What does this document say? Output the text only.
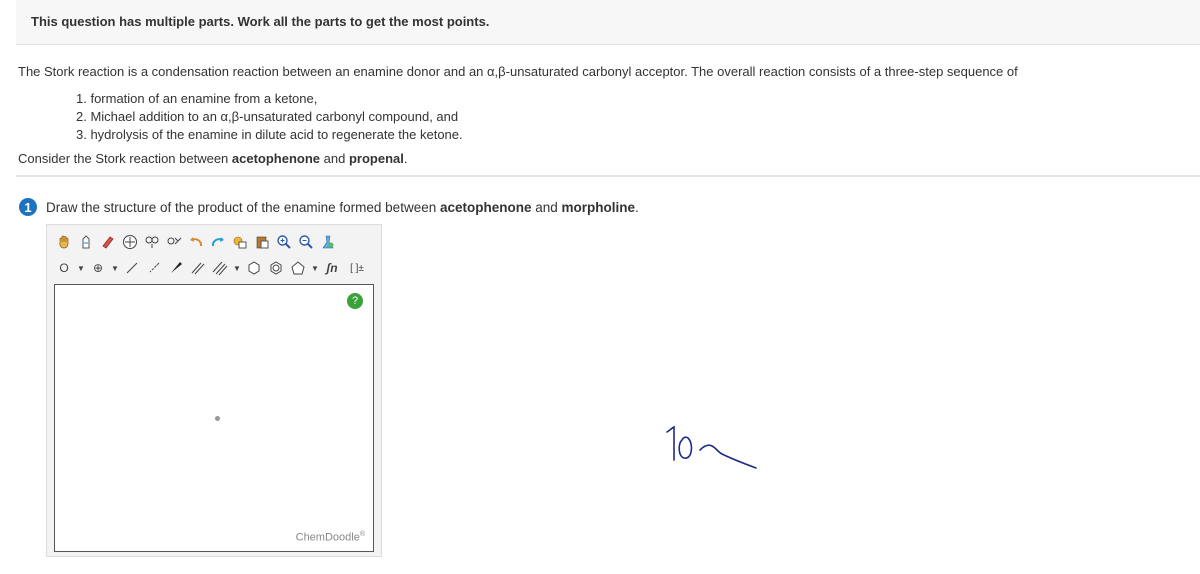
This question has multiple parts. Work all the parts to get the most points.
The Stork reaction is a condensation reaction between an enamine donor and an α,β-unsaturated carbonyl acceptor. The overall reaction consists of a three-step sequence of
1. formation of an enamine from a ketone,
2. Michael addition to an α,β-unsaturated carbonyl compound, and
3. hydrolysis of the enamine in dilute acid to regenerate the ketone.
Consider the Stork reaction between acetophenone and propenal.
1	Draw the structure of the product of the enamine formed between acetophenone and morpholine.
O	▼ ⊕ ▼	▼	▼ ʃn	[ ]±
?
ChemDoodle®
